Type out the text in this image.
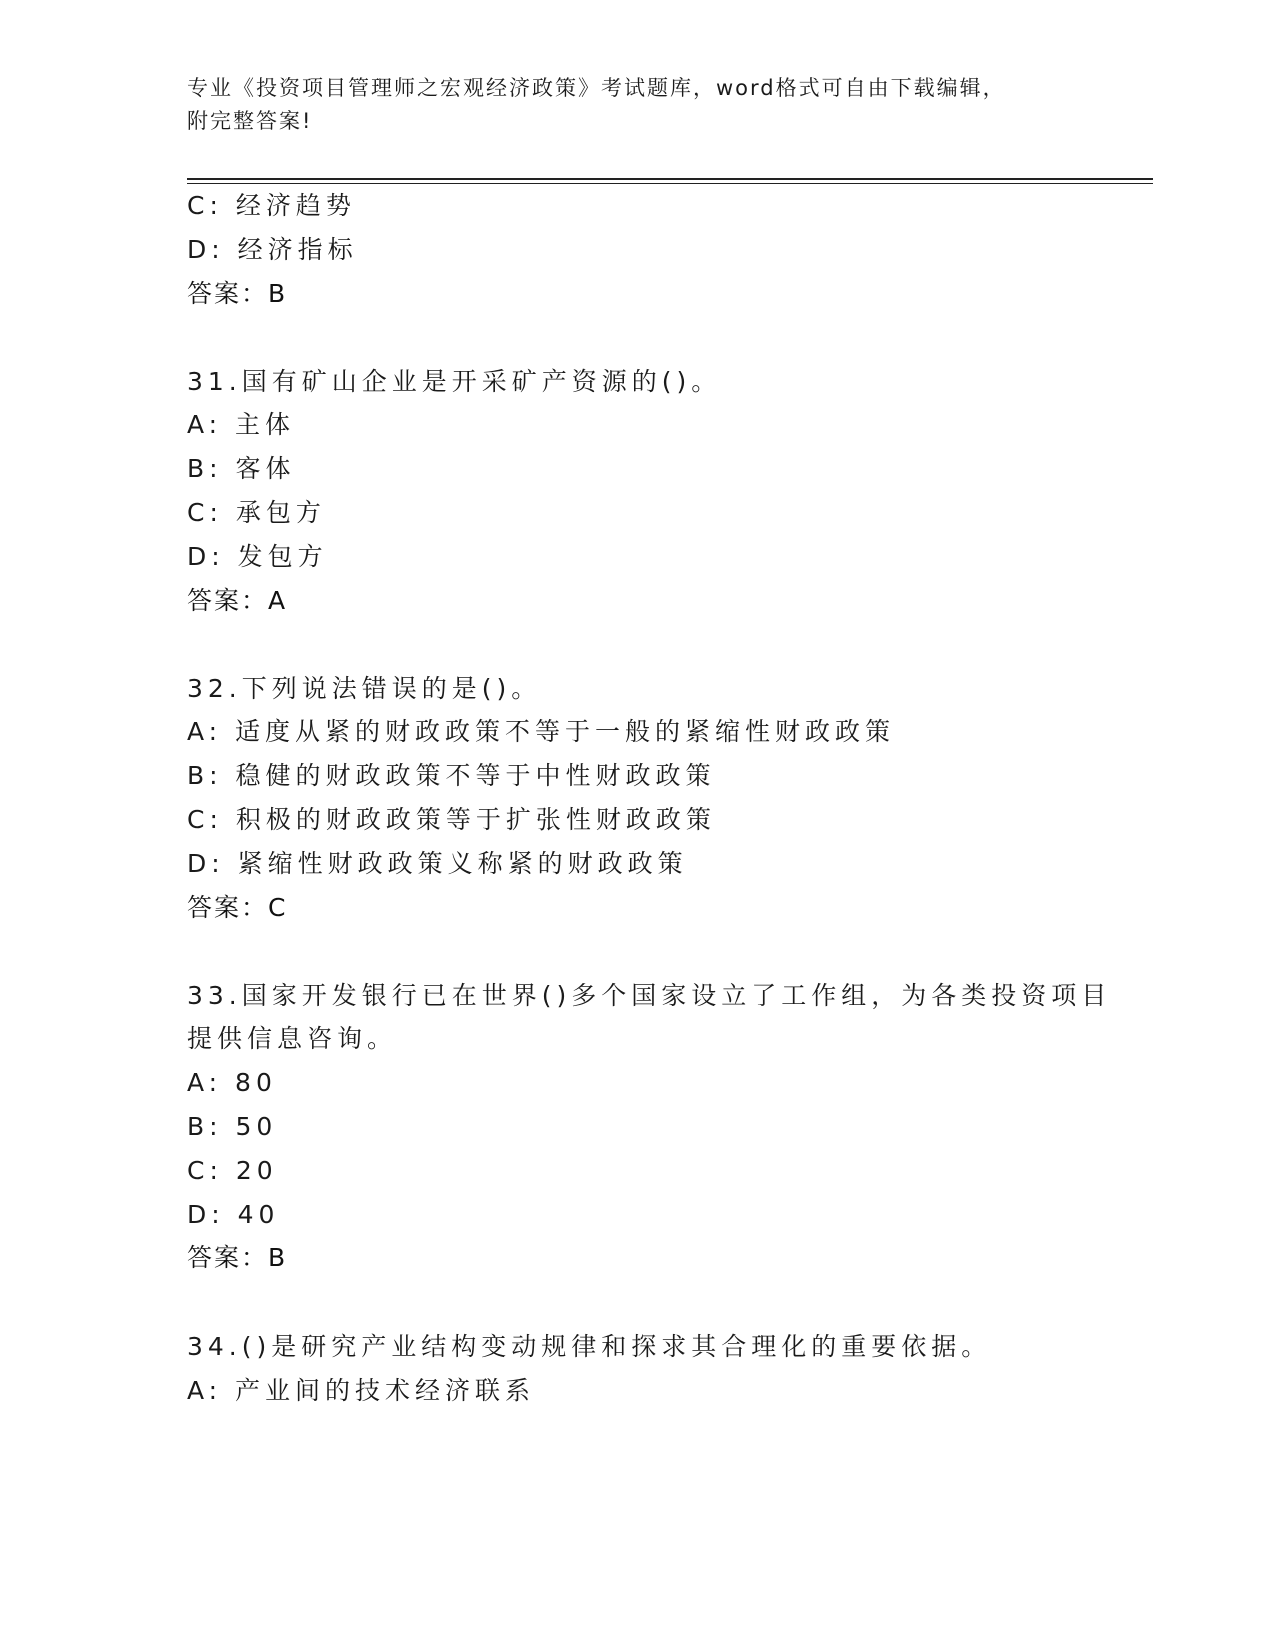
专业《投资项目管理师之宏观经济政策》考试题库，word格式可自由下载编辑，
附完整答案!
C: 经济趋势
D: 经济指标
答案：B
31.国有矿山企业是开采矿产资源的()。
A: 主体
B: 客体
C: 承包方
D: 发包方
答案：A
32.下列说法错误的是()。
A: 适度从紧的财政政策不等于一般的紧缩性财政政策
B: 稳健的财政政策不等于中性财政政策
C: 积极的财政政策等于扩张性财政政策
D: 紧缩性财政政策义称紧的财政政策
答案：C
33.国家开发银行已在世界()多个国家设立了工作组，为各类投资项目
提供信息咨询。
A: 80
B: 50
C: 20
D: 40
答案：B
34.()是研究产业结构变动规律和探求其合理化的重要依据。
A: 产业间的技术经济联系
